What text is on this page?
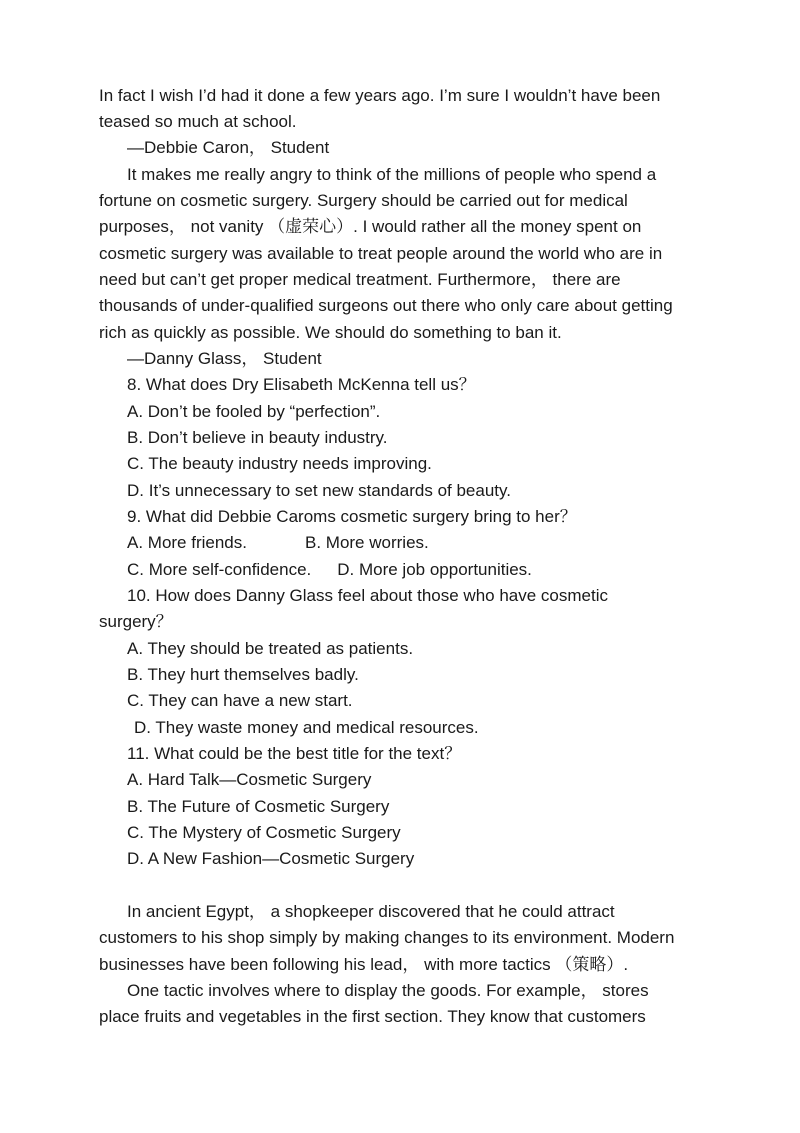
In fact I wish I’d had it done a few years ago. I’m sure I wouldn’t have been
teased so much at school.
—Debbie Caron， Student
It makes me really angry to think of the millions of people who spend a
fortune on cosmetic surgery. Surgery should be carried out for medical
purposes， not vanity （虚荣心）. I would rather all the money spent on
cosmetic surgery was available to treat people around the world who are in
need but can’t get proper medical treatment. Furthermore， there are
thousands of under-qualified surgeons out there who only care about getting
rich as quickly as possible. We should do something to ban it.
—Danny Glass， Student
8. What does Dry Elisabeth McKenna tell us？
A. Don’t be fooled by “perfection”.
B. Don’t believe in beauty industry.
C. The beauty industry needs improving.
D. It’s unnecessary to set new standards of beauty.
9. What did Debbie Caroms cosmetic surgery bring to her？
A. More friends.	B. More worries.
C. More self-confidence. D. More job opportunities.
10. How does Danny Glass feel about those who have cosmetic
surgery？
A. They should be treated as patients.
B. They hurt themselves badly.
C. They can have a new start.
D. They waste money and medical resources.
11. What could be the best title for the text？
A. Hard Talk—Cosmetic Surgery
B. The Future of Cosmetic Surgery
C. The Mystery of Cosmetic Surgery
D. A New Fashion—Cosmetic Surgery
In ancient Egypt， a shopkeeper discovered that he could attract
customers to his shop simply by making changes to its environment. Modern
businesses have been following his lead， with more tactics （策略）.
One tactic involves where to display the goods. For example， stores
place fruits and vegetables in the first section. They know that customers
